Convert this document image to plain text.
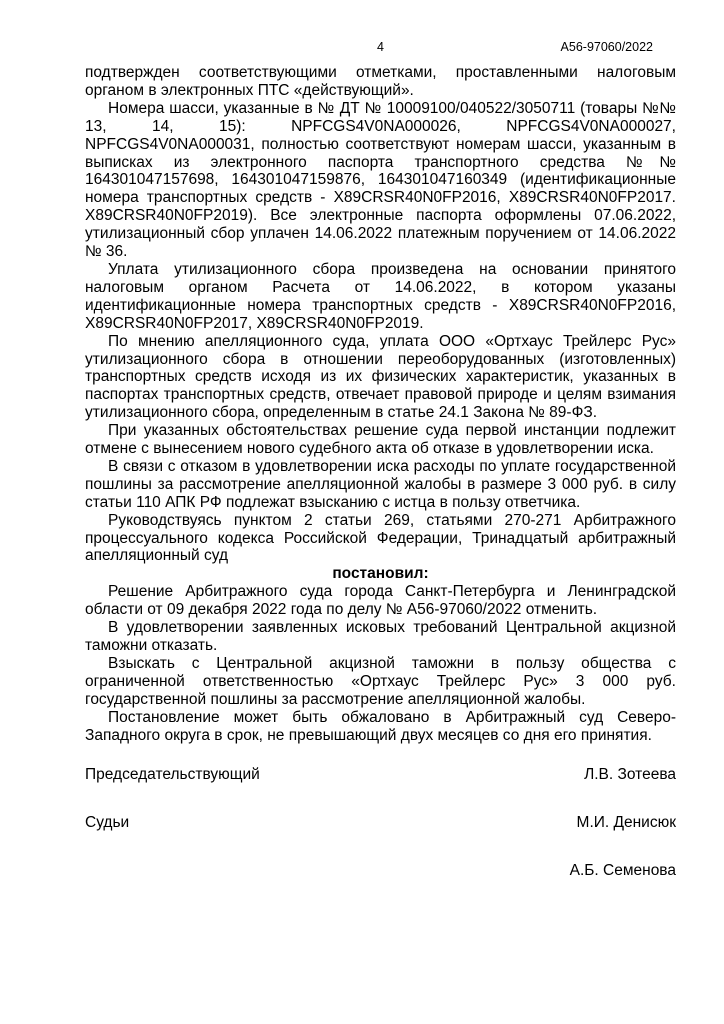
4	А56-97060/2022

подтвержден соответствующими отметками, проставленными налоговым органом в электронных ПТС «действующий».

Номера шасси, указанные в № ДТ № 10009100/040522/3050711 (товары №№ 13, 14, 15): NPFCGS4V0NA000026, NPFCGS4V0NA000027, NPFCGS4V0NA000031, полностью соответствуют номерам шасси, указанным в выписках из электронного паспорта транспортного средства №№ 164301047157698, 164301047159876, 164301047160349 (идентификационные номера транспортных средств - X89CRSR40N0FP2016, X89CRSR40N0FP2017. X89CRSR40N0FP2019). Все электронные паспорта оформлены 07.06.2022, утилизационный сбор уплачен 14.06.2022 платежным поручением от 14.06.2022 № 36.

Уплата утилизационного сбора произведена на основании принятого налоговым органом Расчета от 14.06.2022, в котором указаны идентификационные номера транспортных средств - X89CRSR40N0FP2016, X89CRSR40N0FP2017, X89CRSR40N0FP2019.

По мнению апелляционного суда, уплата ООО «Ортхаус Трейлерс Рус» утилизационного сбора в отношении переоборудованных (изготовленных) транспортных средств исходя из их физических характеристик, указанных в паспортах транспортных средств, отвечает правовой природе и целям взимания утилизационного сбора, определенным в статье 24.1 Закона № 89-ФЗ.

При указанных обстоятельствах решение суда первой инстанции подлежит отмене с вынесением нового судебного акта об отказе в удовлетворении иска.

В связи с отказом в удовлетворении иска расходы по уплате государственной пошлины за рассмотрение апелляционной жалобы в размере 3 000 руб. в силу статьи 110 АПК РФ подлежат взысканию с истца в пользу ответчика.

Руководствуясь пунктом 2 статьи 269, статьями 270-271 Арбитражного процессуального кодекса Российской Федерации, Тринадцатый арбитражный апелляционный суд

постановил:

Решение Арбитражного суда города Санкт-Петербурга и Ленинградской области от 09 декабря 2022 года по делу № А56-97060/2022 отменить.

В удовлетворении заявленных исковых требований Центральной акцизной таможни отказать.

Взыскать с Центральной акцизной таможни в пользу общества с ограниченной ответственностью «Ортхаус Трейлерс Рус» 3 000 руб. государственной пошлины за рассмотрение апелляционной жалобы.

Постановление может быть обжаловано в Арбитражный суд Северо-Западного округа в срок, не превышающий двух месяцев со дня его принятия.

Председательствующий	Л.В. Зотеева
Судьи	М.И. Денисюк
А.Б. Семенова
